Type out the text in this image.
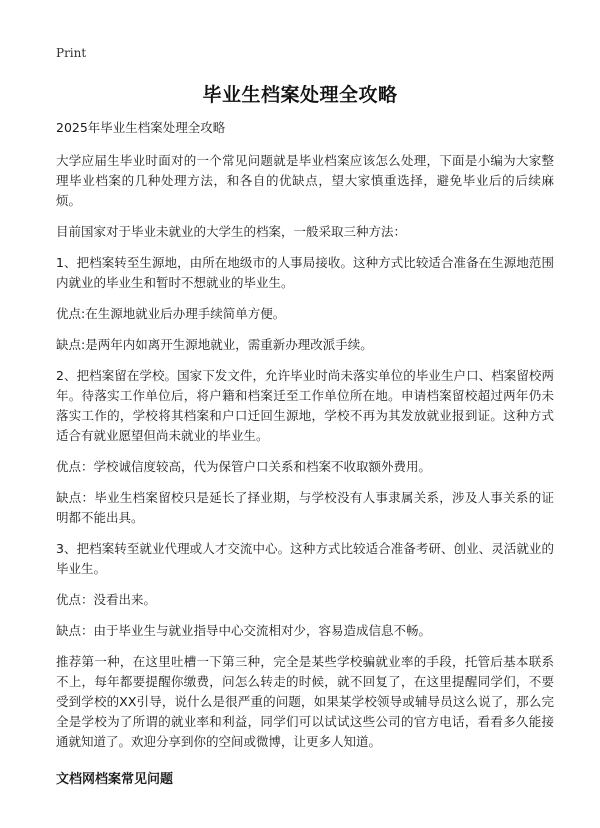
Print
毕业生档案处理全攻略

2025年毕业生档案处理全攻略

大学应届生毕业时面对的一个常见问题就是毕业档案应该怎么处理，下面是小编为大家整理毕业档案的几种处理方法，和各自的优缺点，望大家慎重选择，避免毕业后的后续麻烦。

目前国家对于毕业未就业的大学生的档案，一般采取三种方法：

1、把档案转至生源地，由所在地级市的人事局接收。这种方式比较适合准备在生源地范围内就业的毕业生和暂时不想就业的毕业生。

优点:在生源地就业后办理手续简单方便。

缺点:是两年内如离开生源地就业，需重新办理改派手续。

2、把档案留在学校。国家下发文件，允许毕业时尚未落实单位的毕业生户口、档案留校两年。待落实工作单位后，将户籍和档案迁至工作单位所在地。申请档案留校超过两年仍未落实工作的，学校将其档案和户口迁回生源地，学校不再为其发放就业报到证。这种方式适合有就业愿望但尚未就业的毕业生。

优点：学校诚信度较高，代为保管户口关系和档案不收取额外费用。

缺点：毕业生档案留校只是延长了择业期，与学校没有人事隶属关系，涉及人事关系的证明都不能出具。

3、把档案转至就业代理或人才交流中心。这种方式比较适合准备考研、创业、灵活就业的毕业生。

优点：没看出来。

缺点：由于毕业生与就业指导中心交流相对少，容易造成信息不畅。

推荐第一种，在这里吐槽一下第三种，完全是某些学校骗就业率的手段，托管后基本联系不上，每年都要提醒你缴费，问怎么转走的时候，就不回复了，在这里提醒同学们，不要受到学校的XX引导，说什么是很严重的问题，如果某学校领导或辅导员这么说了，那么完全是学校为了所谓的就业率和利益，同学们可以试试这些公司的官方电话，看看多久能接通就知道了。欢迎分享到你的空间或微博，让更多人知道。

文档网档案常见问题
